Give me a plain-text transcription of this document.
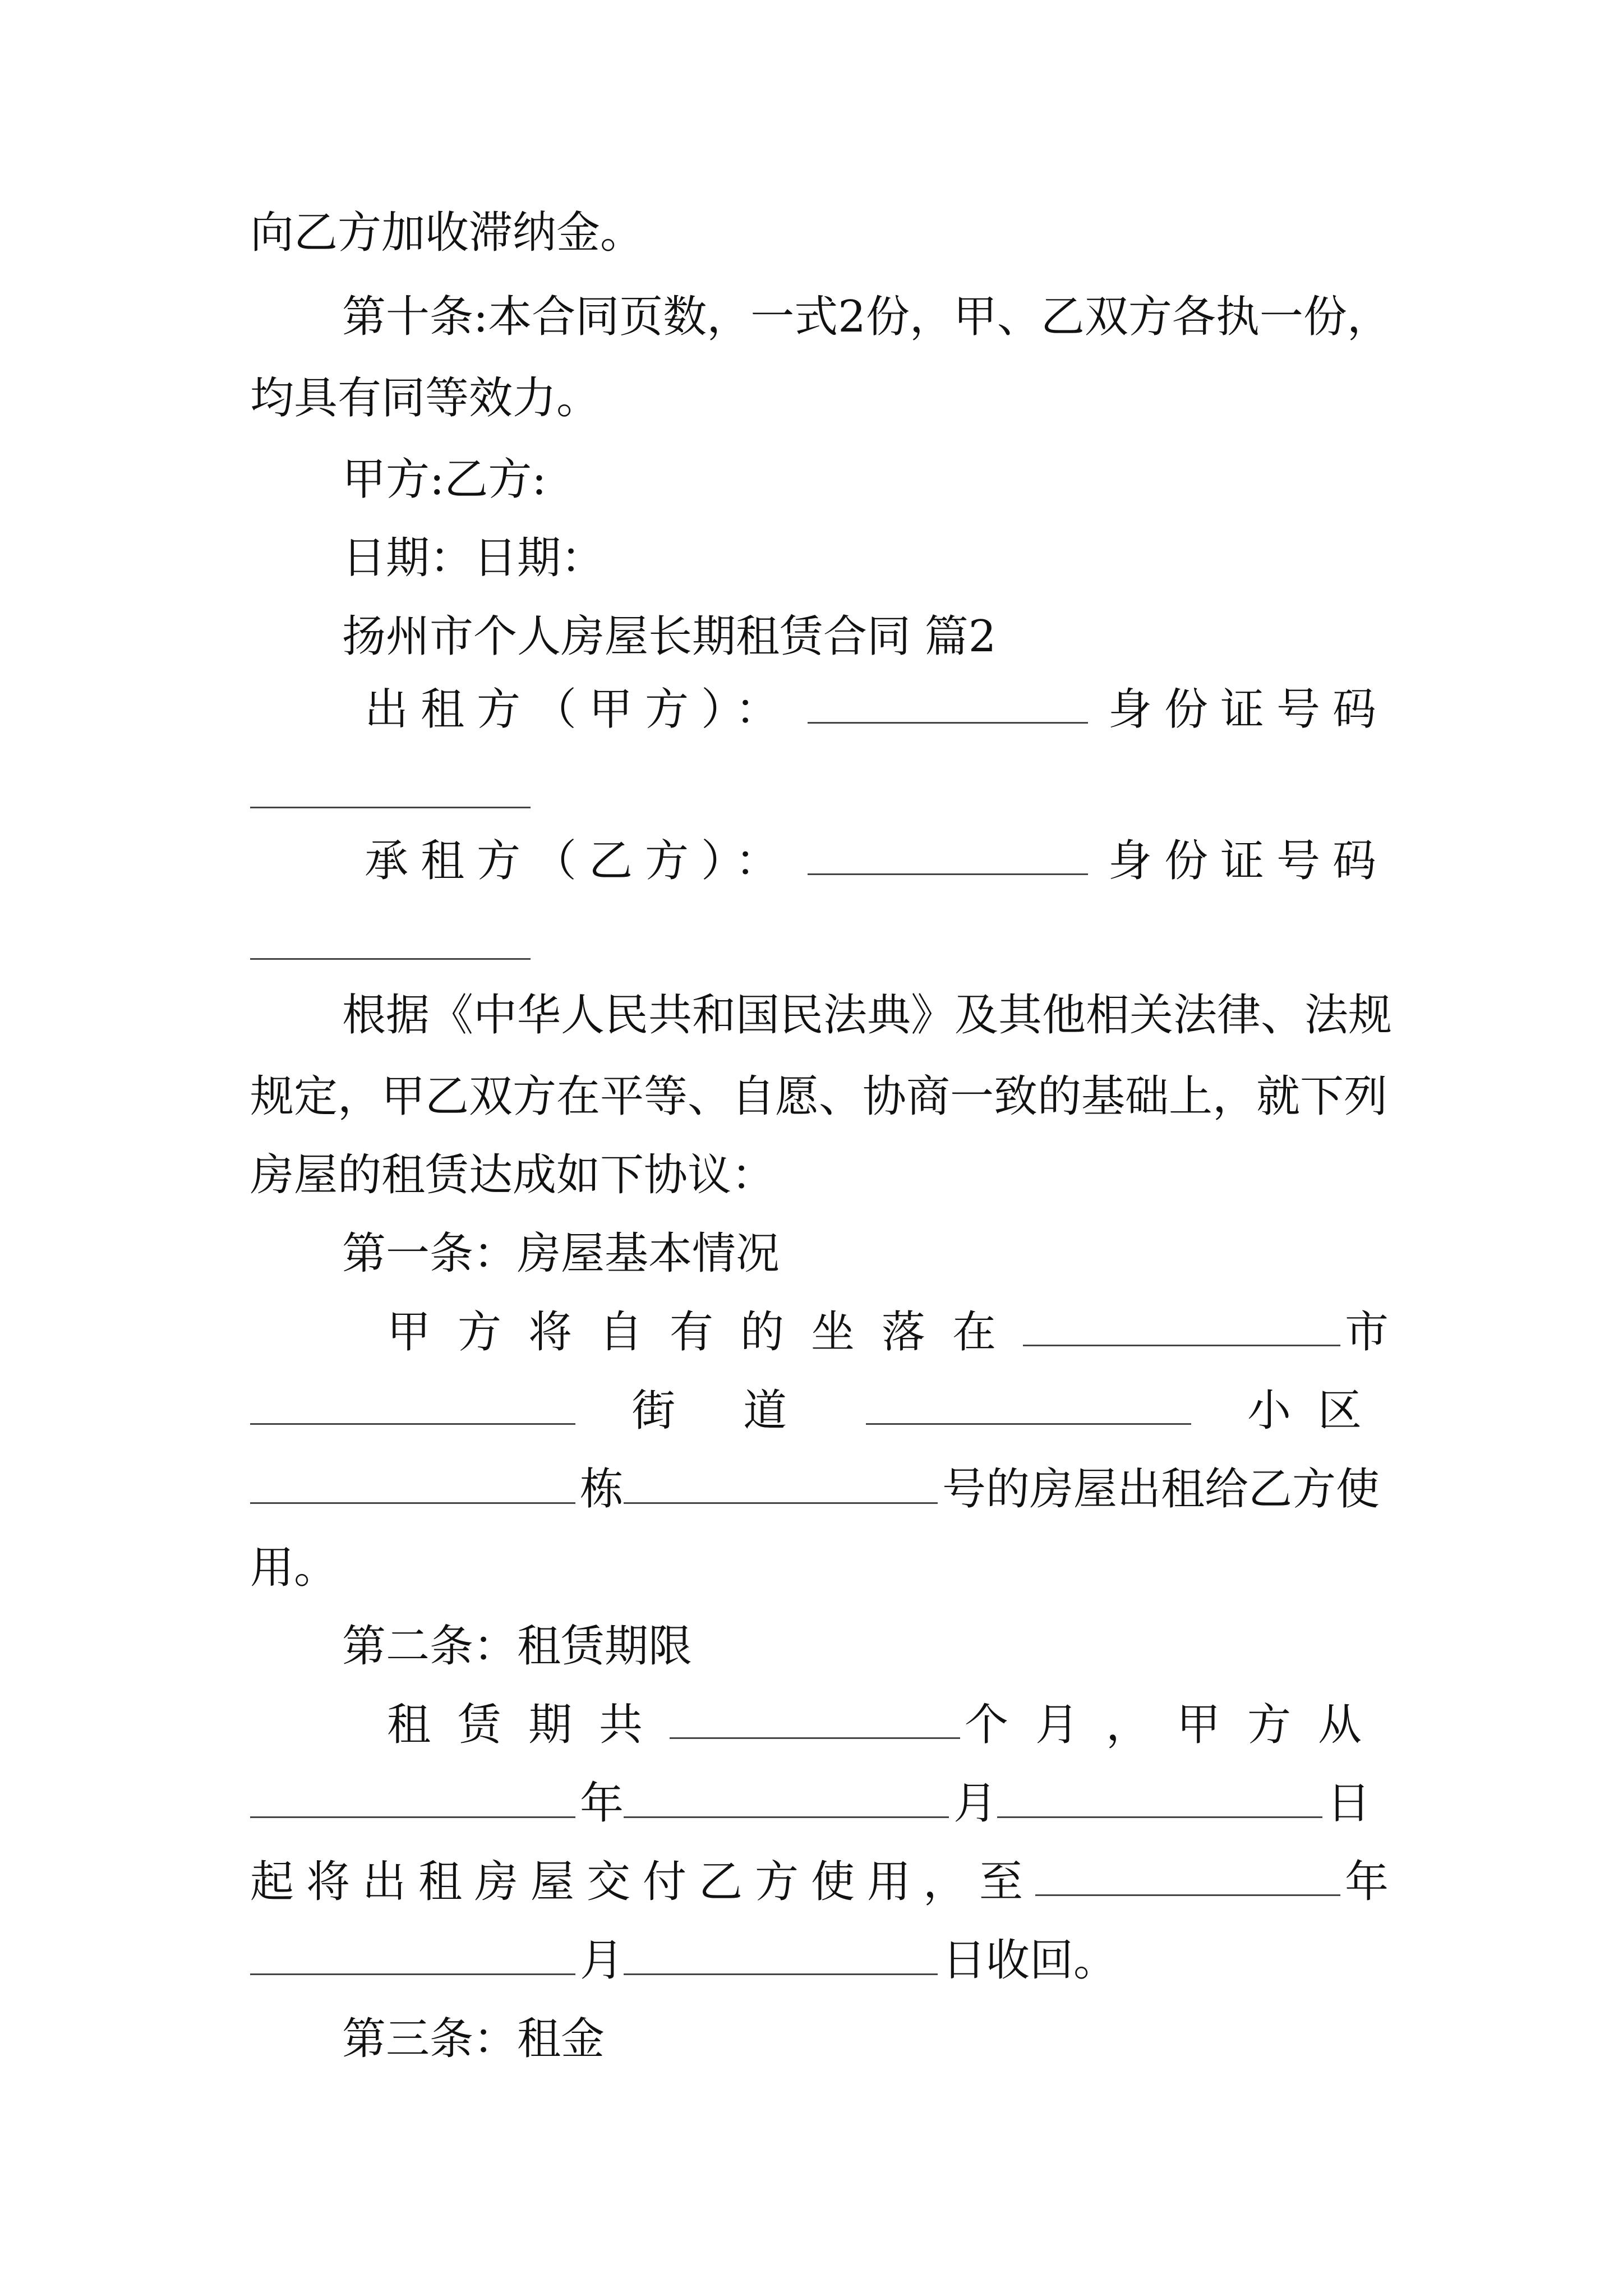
向乙方加收滞纳金。
第十条:本合同页数，一式2份，甲、乙双方各执一份，
均具有同等效力。
甲方:乙方:
日期：日期：
扬州市个人房屋长期租赁合同 篇2
出租方（甲方）：	身份证号码
承租方（乙方）：	身份证号码
根据《中华人民共和国民法典》及其他相关法律、法规
规定，甲乙双方在平等、自愿、协商一致的基础上，就下列
房屋的租赁达成如下协议：
第一条：房屋基本情况
甲方将自有的坐落在	市
街 道	小区
栋	号的房屋出租给乙方使
用。
第二条：租赁期限
租赁期共	个月，甲方从
年	月	日
起将出租房屋交付乙方使用，至	年
月	日收回。
第三条：租金
